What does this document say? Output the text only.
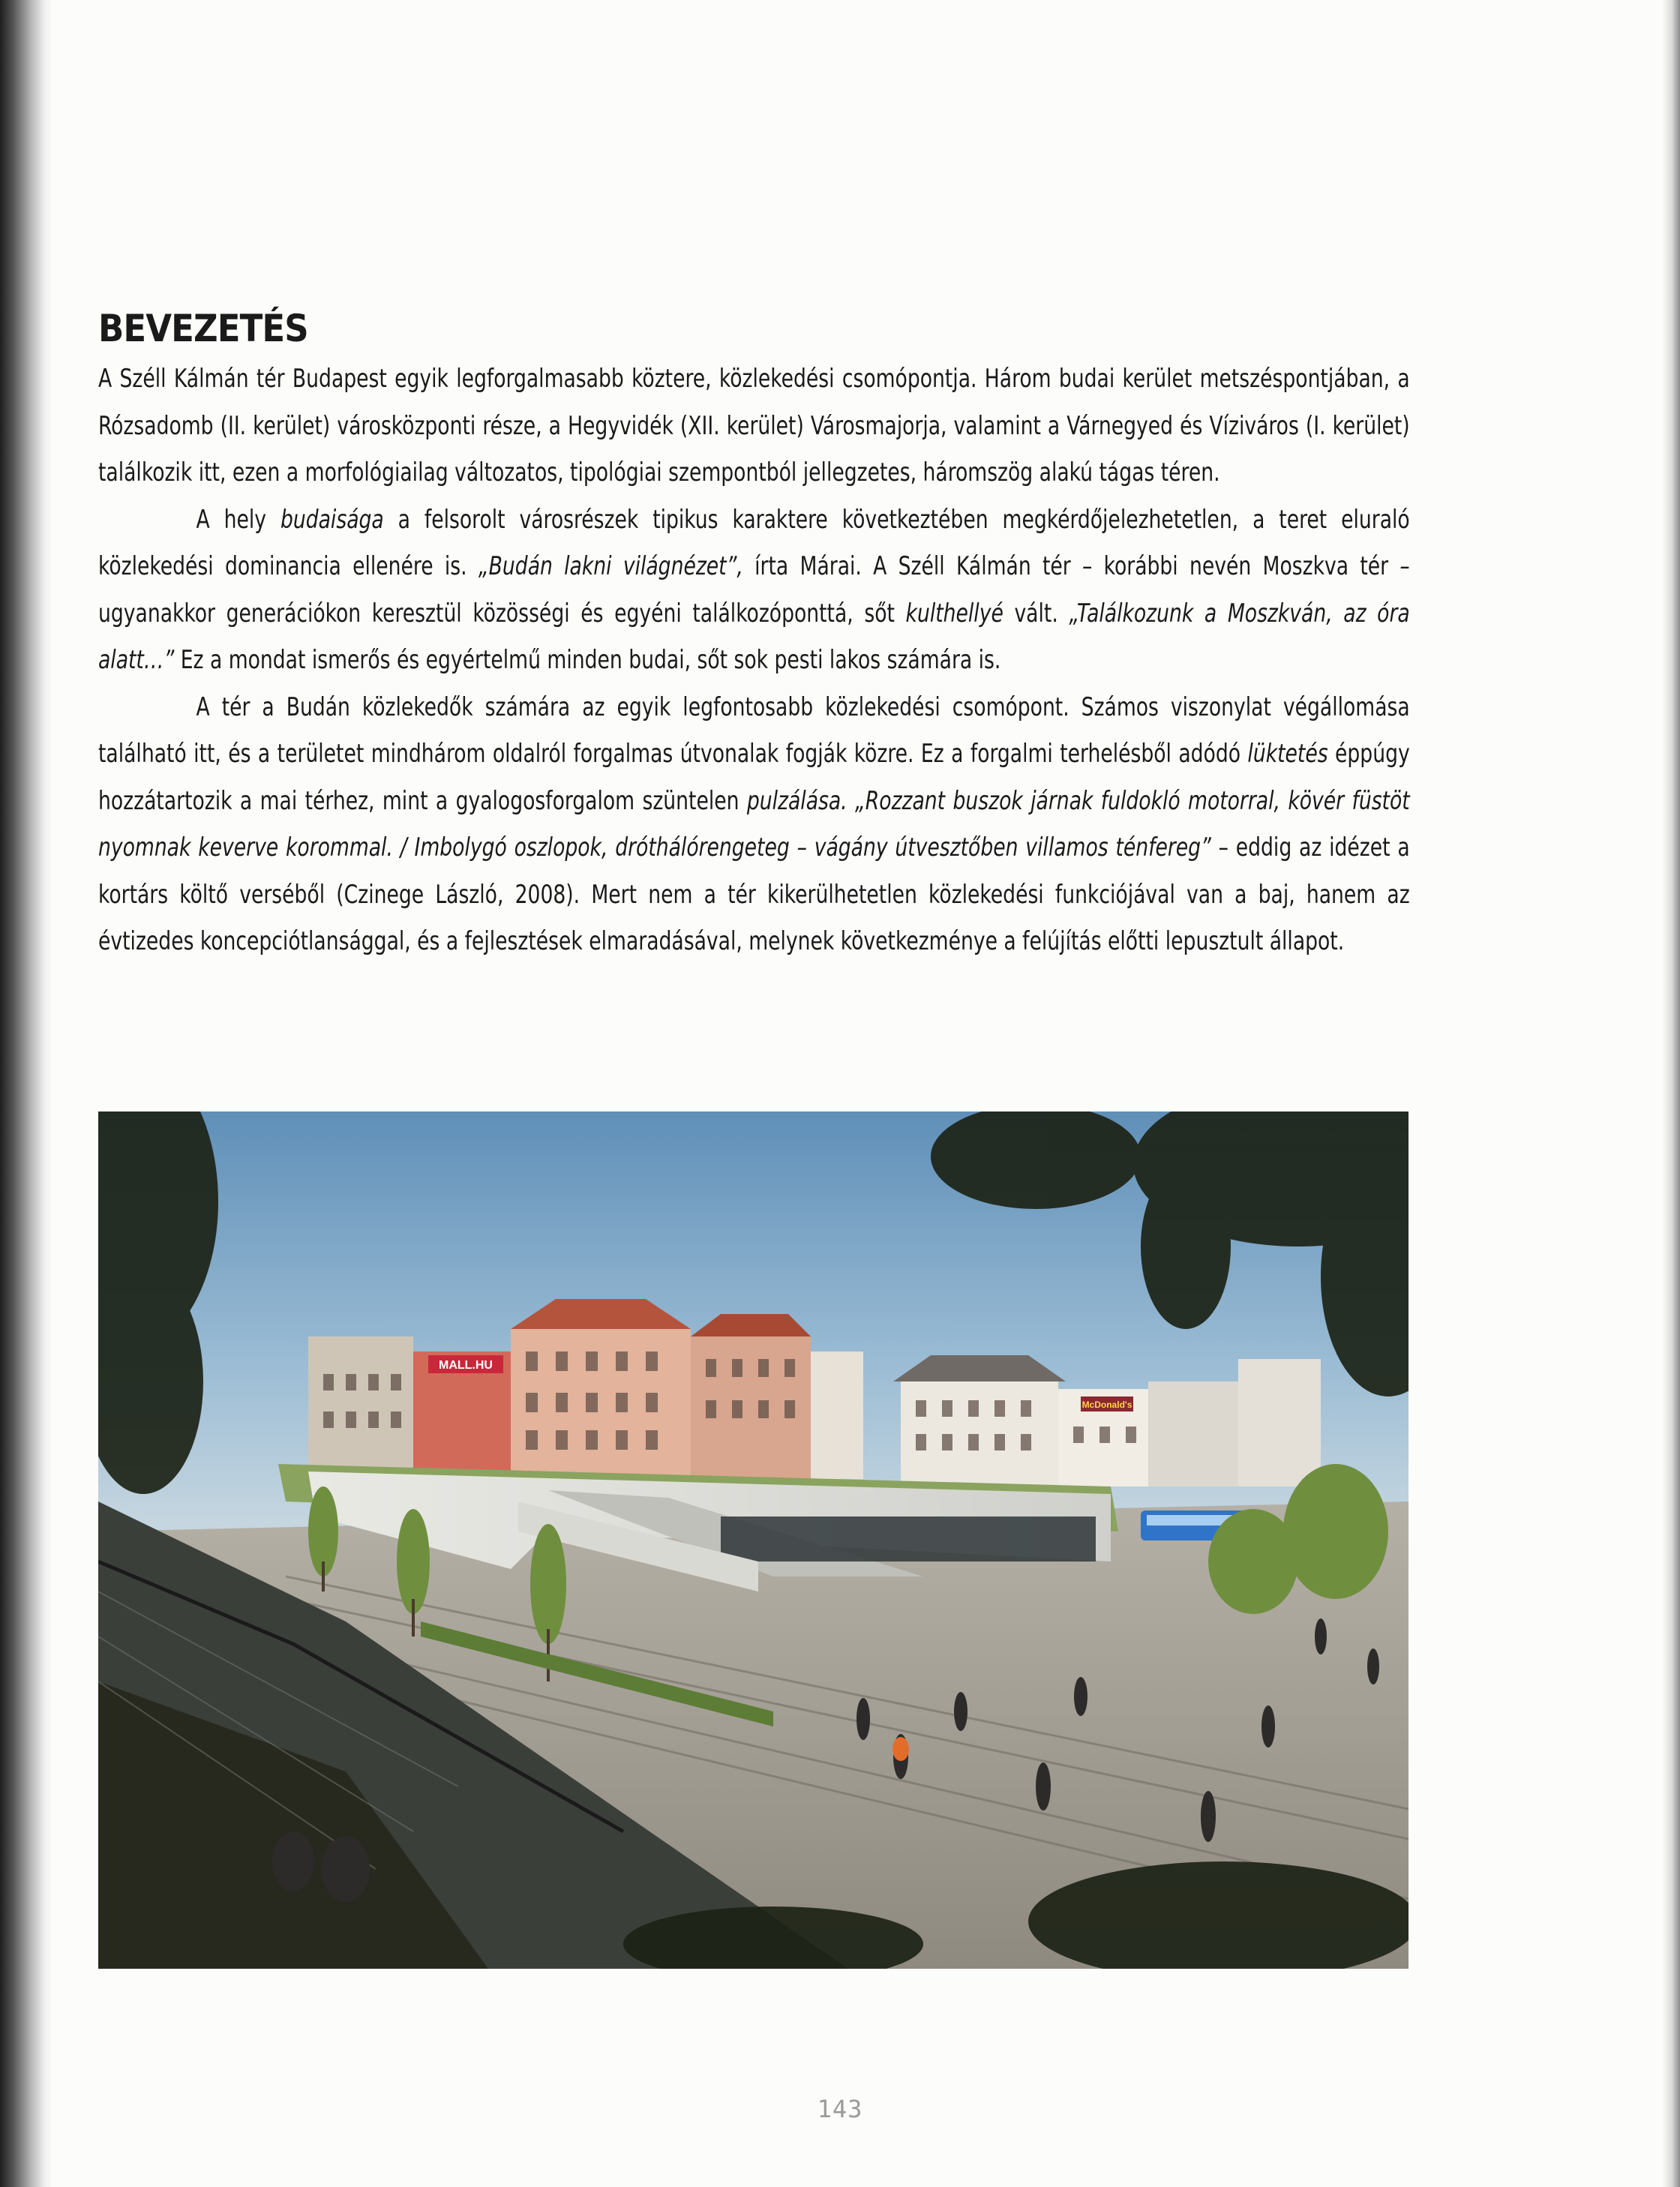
BEVEZETÉS

A Széll Kálmán tér Budapest egyik legforgalmasabb köztere, közlekedési csomópontja. Három budai kerület metszéspontjában, a Rózsadomb (II. kerület) városközponti része, a Hegyvidék (XII. kerület) Városmajorja, valamint a Várnegyed és Víziváros (I. kerület) találkozik itt, ezen a morfológiailag változatos, tipológiai szempontból jellegzetes, háromszög alakú tágas téren.

A hely budaisága a felsorolt városrészek tipikus karaktere következtében megkérdőjelezhetetlen, a teret eluraló közlekedési dominancia ellenére is. „Budán lakni világnézet”, írta Márai. A Széll Kálmán tér – korábbi nevén Moszkva tér – ugyanakkor generációkon keresztül közösségi és egyéni találkozóponttá, sőt kulthellyé vált. „Találkozunk a Moszkván, az óra alatt…” Ez a mondat ismerős és egyértelmű minden budai, sőt sok pesti lakos számára is.

A tér a Budán közlekedők számára az egyik legfontosabb közlekedési csomópont. Számos viszonylat végállomása található itt, és a területet mindhárom oldalról forgalmas útvonalak fogják közre. Ez a forgalmi terhelésből adódó lüktetés éppúgy hozzátartozik a mai térhez, mint a gyalogosforgalom szüntelen pulzálása. „Rozzant buszok járnak fuldokló motorral, kövér füstöt nyomnak keverve korommal. / Imbolygó oszlopok, dróthálórengeteg – vágány útvesztőben villamos ténfereg” – eddig az idézet a kortárs költő verséből (Czinege László, 2008). Mert nem a tér kikerülhetetlen közlekedési funkciójával van a baj, hanem az évtizedes koncepciótlansággal, és a fejlesztések elmaradásával, melynek következménye a felújítás előtti lepusztult állapot.

MALL.HU
McDonald's
143
